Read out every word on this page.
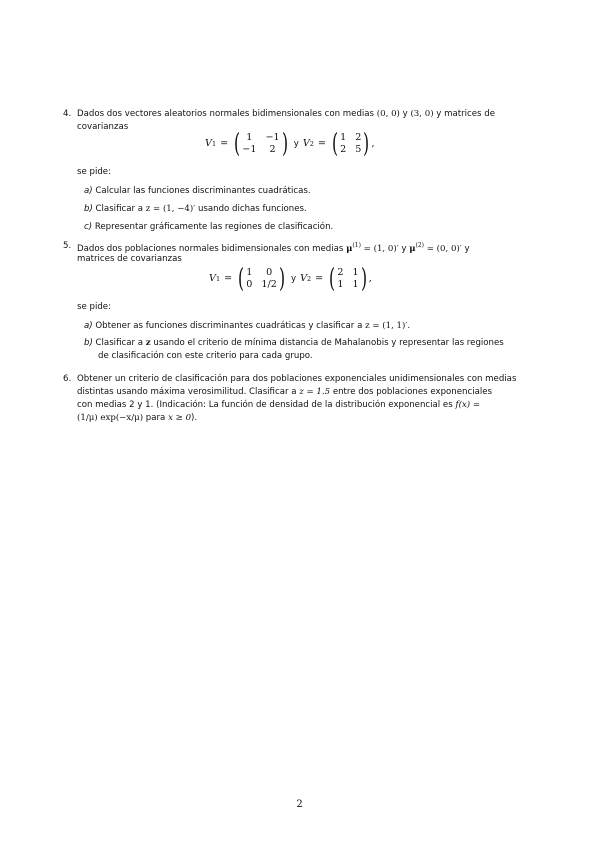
4. Dados dos vectores aleatorios normales bidimensionales con medias (0, 0) y (3, 0) y matrices de
covarianzas
V 1 = ( 1	−1
−1	2 ) y V 2 = ( 1 2
2 5 ) ,
se pide:
a) Calcular las funciones discriminantes cuadráticas.
b) Clasificar a z = (1, −4)′ usando dichas funciones.
c) Representar gráficamente las regiones de clasificación.
5. Dados dos poblaciones normales bidimensionales con medias $\mu^{(1)} = (1$, 0)′ y $\mu^{(2)} = (0$, 0)′ y
matrices de covarianzas
V 1 = ( 1	0
0 1/2 ) y V 2 = ( 2 1
1 1 ) ,
se pide:
a) Obtener as funciones discriminantes cuadráticas y clasificar a z = (1, 1)′.
b) Clasificar a z usando el criterio de mínima distancia de Mahalanobis y representar las regiones
de clasificación con este criterio para cada grupo.
6. Obtener un criterio de clasificación para dos poblaciones exponenciales unidimensionales con medias
distintas usando máxima verosimilitud. Clasificar a z = 1.5 entre dos poblaciones exponenciales
con medias 2 y 1. (Indicación: La función de densidad de la distribución exponencial es f(x) =
(1/μ) exp(−x/μ) para x ≥ 0).
2
